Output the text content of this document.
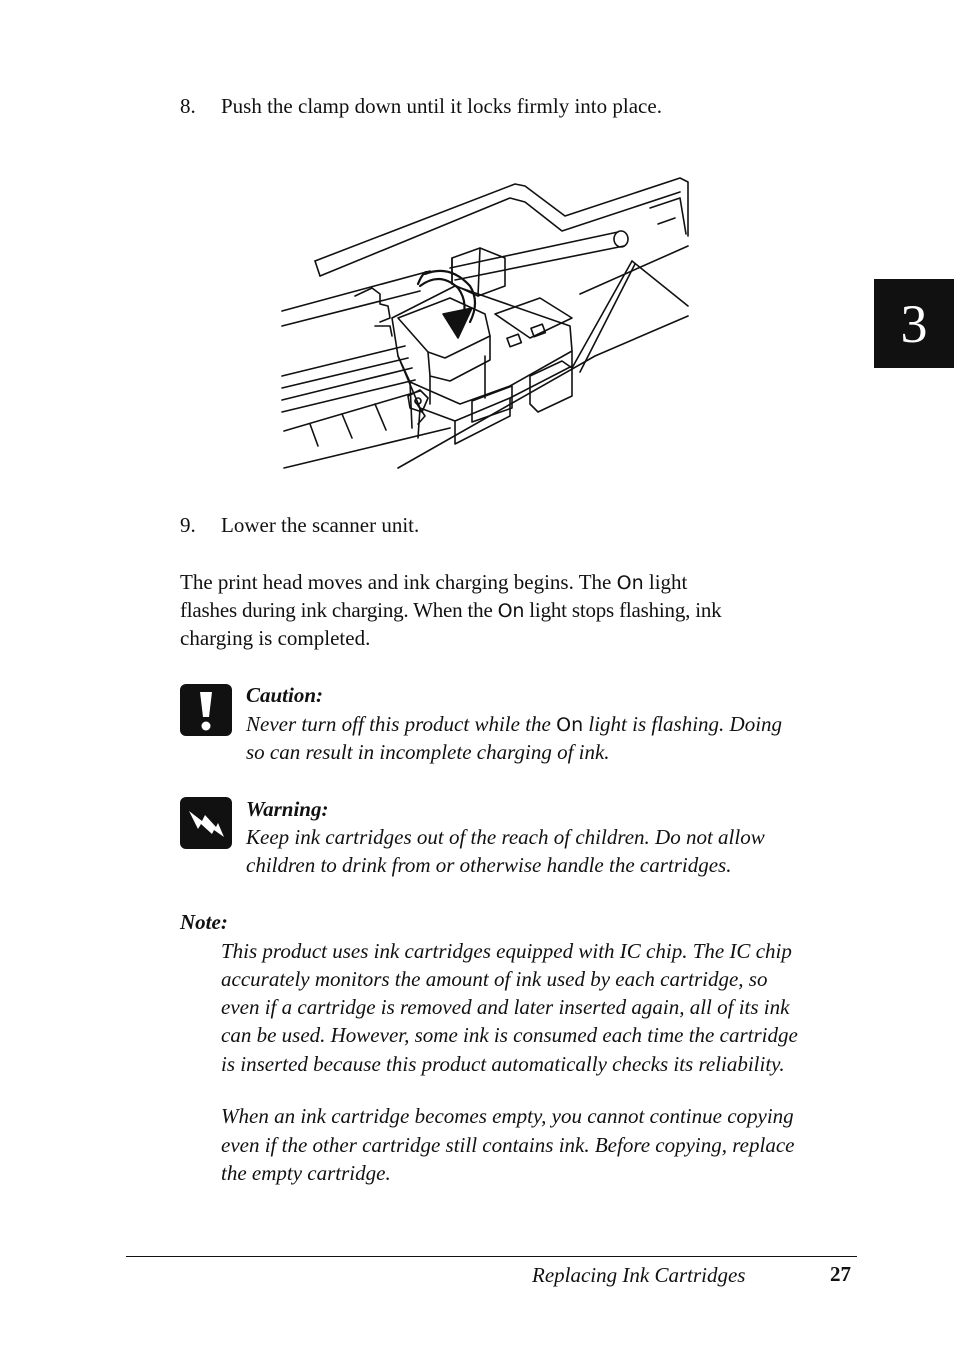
8. Push the clamp down until it locks firmly into place.
9. Lower the scanner unit.
The print head moves and ink charging begins. The On light
flashes during ink charging. When the On light stops flashing, ink
charging is completed.
Caution:
Never turn off this product while the On light is flashing. Doing
so can result in incomplete charging of ink.
Warning:
Keep ink cartridges out of the reach of children. Do not allow
children to drink from or otherwise handle the cartridges.
Note:
This product uses ink cartridges equipped with IC chip. The IC chip
accurately monitors the amount of ink used by each cartridge, so
even if a cartridge is removed and later inserted again, all of its ink
can be used. However, some ink is consumed each time the cartridge
is inserted because this product automatically checks its reliability.
When an ink cartridge becomes empty, you cannot continue copying
even if the other cartridge still contains ink. Before copying, replace
the empty cartridge.
3
Replacing Ink Cartridges	27
